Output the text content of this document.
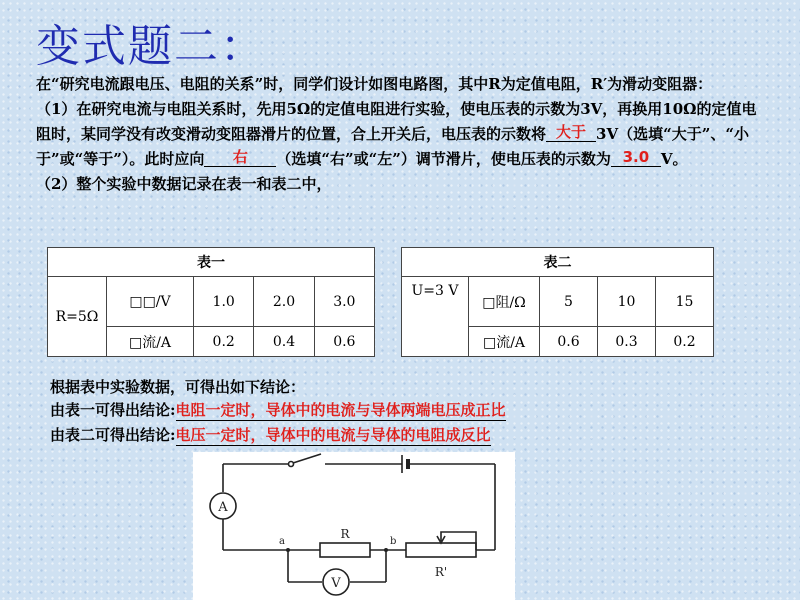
变式题二：
在“研究电流跟电压、电阻的关系”时，同学们设计如图电路图，其中R为定值电阻，R′为滑动变阻器：
（1）在研究电流与电阻关系时，先用5Ω的定值电阻进行实验，使电压表的示数为3V，再换用10Ω的定值电阻时，某同学没有改变滑动变阻器滑片的位置，合上开关后，电压表的示数将 大于 3V（选填“大于”、“小于”或“等于”）。此时应向 右 （选填“右”或“左”）调节滑片，使电压表的示数为 3.0 V。
（2）整个实验中数据记录在表一和表二中，
表一				
R=5Ω	□□/V	1.0	2.0	3.0
	□流/A	0.2	0.4	0.6
表二				
U=3 V	□阻/Ω	5	10	15
	□流/A	0.6	0.3	0.2
根据表中实验数据，可得出如下结论：
由表一可得出结论:电阻一定时，导体中的电流与导体两端电压成正比
由表二可得出结论:电压一定时，导体中的电流与导体的电阻成反比
A
V
R
R'
a	b
